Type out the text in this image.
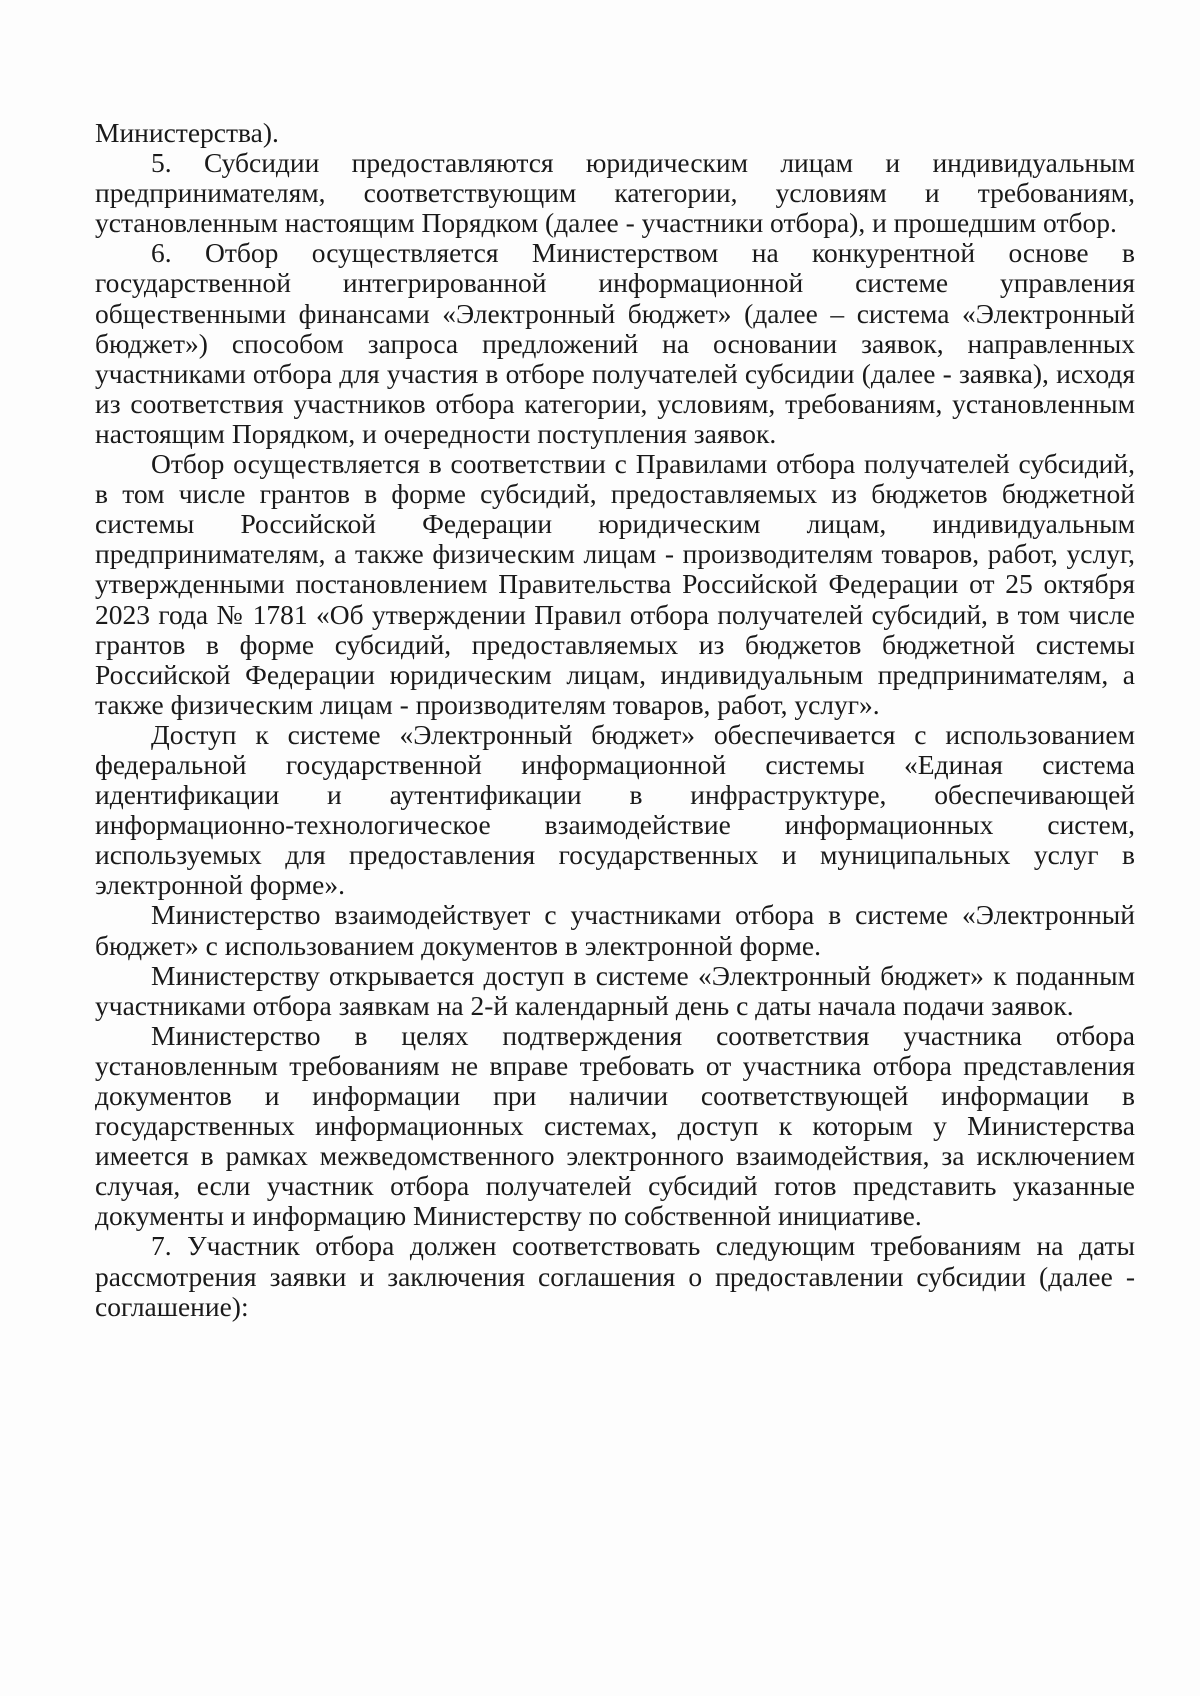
Министерства).

5. Субсидии предоставляются юридическим лицам и индивидуальным предпринимателям, соответствующим категории, условиям и требованиям, установленным настоящим Порядком (далее - участники отбора), и прошедшим отбор.

6. Отбор осуществляется Министерством на конкурентной основе в государственной интегрированной информационной системе управления общественными финансами «Электронный бюджет» (далее – система «Электронный бюджет») способом запроса предложений на основании заявок, направленных участниками отбора для участия в отборе получателей субсидии (далее - заявка), исходя из соответствия участников отбора категории, условиям, требованиям, установленным настоящим Порядком, и очередности поступления заявок.

Отбор осуществляется в соответствии с Правилами отбора получателей субсидий, в том числе грантов в форме субсидий, предоставляемых из бюджетов бюджетной системы Российской Федерации юридическим лицам, индивидуальным предпринимателям, а также физическим лицам - производителям товаров, работ, услуг, утвержденными постановлением Правительства Российской Федерации от 25 октября 2023 года № 1781 «Об утверждении Правил отбора получателей субсидий, в том числе грантов в форме субсидий, предоставляемых из бюджетов бюджетной системы Российской Федерации юридическим лицам, индивидуальным предпринимателям, а также физическим лицам - производителям товаров, работ, услуг».

Доступ к системе «Электронный бюджет» обеспечивается с использованием федеральной государственной информационной системы «Единая система идентификации и аутентификации в инфраструктуре, обеспечивающей информационно-технологическое взаимодействие информационных систем, используемых для предоставления государственных и муниципальных услуг в электронной форме».

Министерство взаимодействует с участниками отбора в системе «Электронный бюджет» с использованием документов в электронной форме.

Министерству открывается доступ в системе «Электронный бюджет» к поданным участниками отбора заявкам на 2-й календарный день с даты начала подачи заявок.

Министерство в целях подтверждения соответствия участника отбора установленным требованиям не вправе требовать от участника отбора представления документов и информации при наличии соответствующей информации в государственных информационных системах, доступ к которым у Министерства имеется в рамках межведомственного электронного взаимодействия, за исключением случая, если участник отбора получателей субсидий готов представить указанные документы и информацию Министерству по собственной инициативе.

7. Участник отбора должен соответствовать следующим требованиям на даты рассмотрения заявки и заключения соглашения о предоставлении субсидии (далее - соглашение):
